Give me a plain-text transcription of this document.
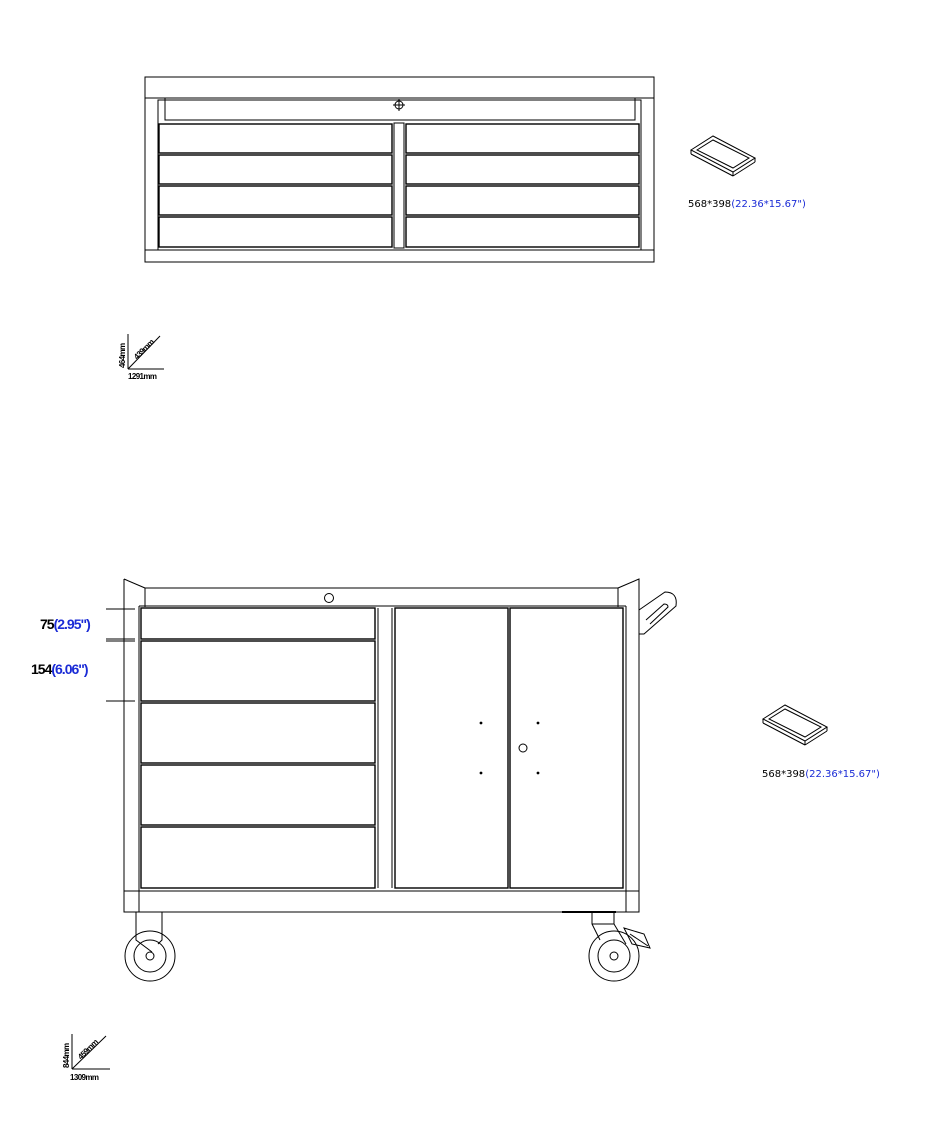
568*398(22.36*15.67")
464mm 439mm
1291mm
75(2.95")
154(6.06")
568*398(22.36*15.67")
844mm 459mm
1309mm
